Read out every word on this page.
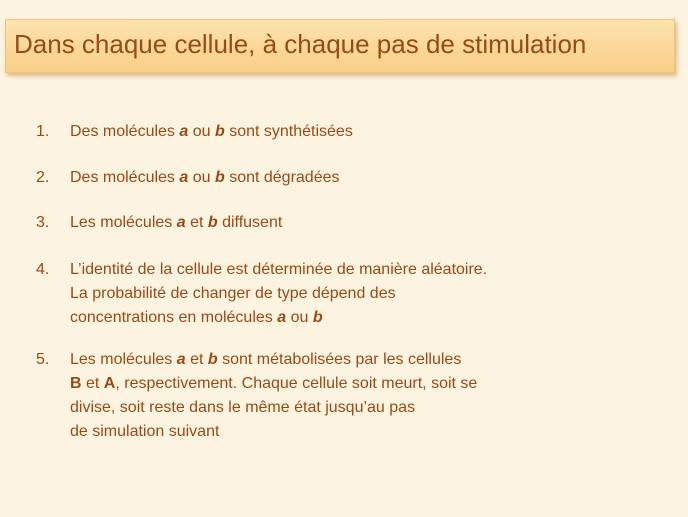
Dans chaque cellule, à chaque pas de stimulation
1.	Des molécules a ou b sont synthétisées
2.	Des molécules a ou b sont dégradées
3.	Les molécules a et b diffusent
4.	L’identité de la cellule est déterminée de manière aléatoire.
La probabilité de changer de type dépend des
concentrations en molécules a ou b
5.	Les molécules a et b sont métabolisées par les cellules
B et A, respectivement. Chaque cellule soit meurt, soit se
divise, soit reste dans le même état jusqu’au pas
de simulation suivant
